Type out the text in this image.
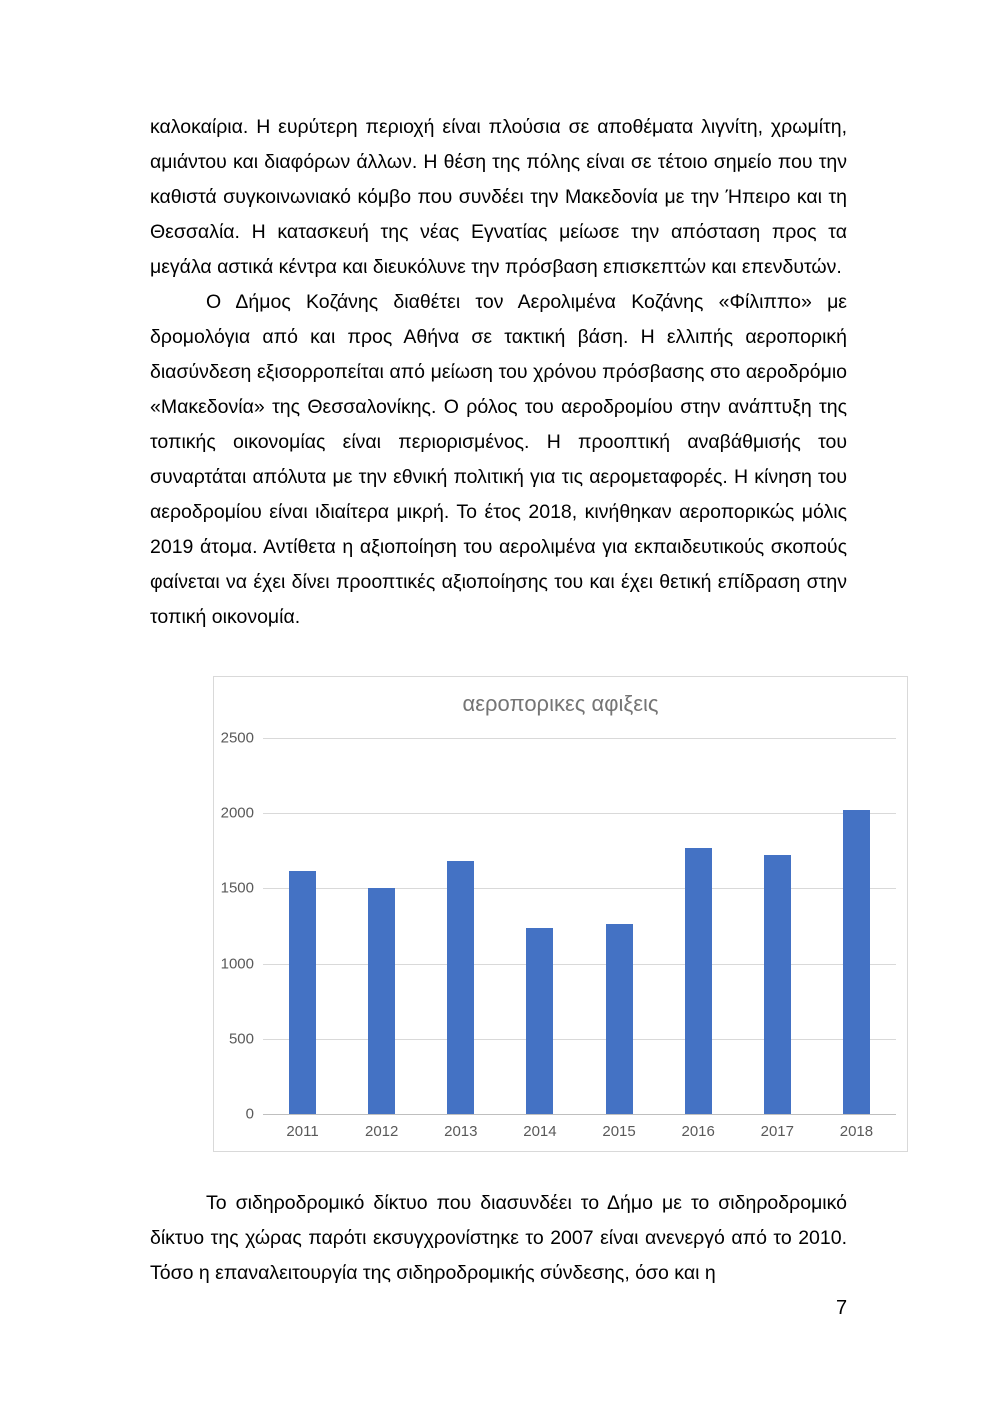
καλοκαίρια. Η ευρύτερη περιοχή είναι πλούσια σε αποθέματα λιγνίτη, χρωμίτη, αμιάντου και διαφόρων άλλων. Η θέση της πόλης είναι σε τέτοιο σημείο που την καθιστά συγκοινωνιακό κόμβο που συνδέει την Μακεδονία με την Ήπειρο και τη Θεσσαλία. Η κατασκευή της νέας Εγνατίας μείωσε την απόσταση προς τα μεγάλα αστικά κέντρα και διευκόλυνε την πρόσβαση επισκεπτών και επενδυτών.

Ο Δήμος Κοζάνης διαθέτει τον Αερολιμένα Κοζάνης «Φίλιππο» με δρομολόγια από και προς Αθήνα σε τακτική βάση. Η ελλιπής αεροπορική διασύνδεση εξισορροπείται από μείωση του χρόνου πρόσβασης στο αεροδρόμιο «Μακεδονία» της Θεσσαλονίκης. Ο ρόλος του αεροδρομίου στην ανάπτυξη της τοπικής οικονομίας είναι περιορισμένος. Η προοπτική αναβάθμισής του συναρτάται απόλυτα με την εθνική πολιτική για τις αερομεταφορές. Η κίνηση του αεροδρομίου είναι ιδιαίτερα μικρή. Το έτος 2018, κινήθηκαν αεροπορικώς μόλις 2019 άτομα. Αντίθετα η αξιοποίηση του αερολιμένα για εκπαιδευτικούς σκοπούς φαίνεται να έχει δίνει προοπτικές αξιοποίησης του και έχει θετική επίδραση στην τοπική οικονομία.

αεροπορικες αφιξεις
0
500
1000
1500
2000
2500
2011	2012	2013	2014	2015	2016	2017	2018

Το σιδηροδρομικό δίκτυο που διασυνδέει το Δήμο με το σιδηροδρομικό δίκτυο της χώρας παρότι εκσυγχρονίστηκε το 2007 είναι ανενεργό από το 2010. Τόσο η επαναλειτουργία της σιδηροδρομικής σύνδεσης, όσο και η

7
